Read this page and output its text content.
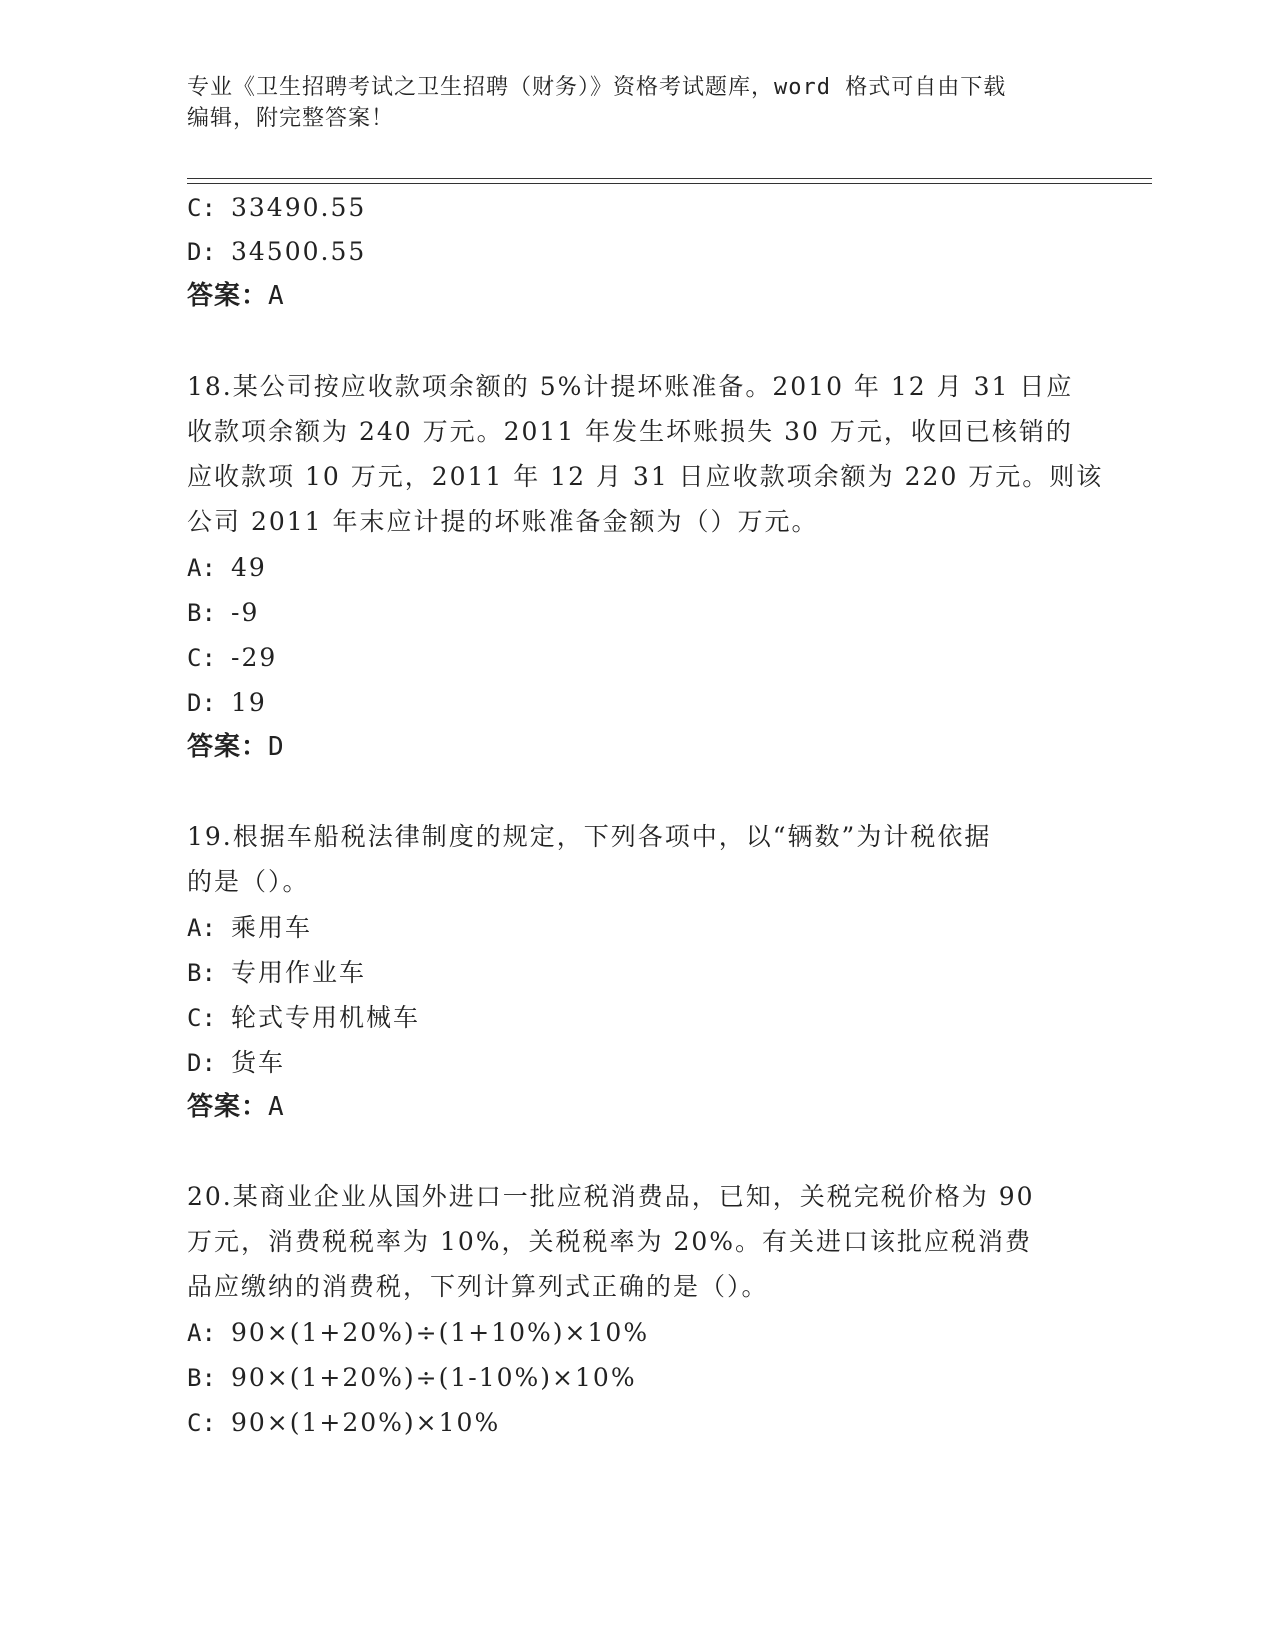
专业《卫生招聘考试之卫生招聘（财务）》资格考试题库，word 格式可自由下载
编辑，附完整答案！
C: 33490.55
D: 34500.55
答案：A
18.某公司按应收款项余额的 5%计提坏账准备。2010 年 12 月 31 日应
收款项余额为 240 万元。2011 年发生坏账损失 30 万元，收回已核销的
应收款项 10 万元，2011 年 12 月 31 日应收款项余额为 220 万元。则该
公司 2011 年末应计提的坏账准备金额为（）万元。
A: 49
B: -9
C: -29
D: 19
答案：D
19.根据车船税法律制度的规定，下列各项中，以“辆数”为计税依据
的是（）。
A: 乘用车
B: 专用作业车
C: 轮式专用机械车
D: 货车
答案：A
20.某商业企业从国外进口一批应税消费品，已知，关税完税价格为 90
万元，消费税税率为 10%，关税税率为 20%。有关进口该批应税消费
品应缴纳的消费税，下列计算列式正确的是（）。
A: 90×(1+20%)÷(1+10%)×10%
B: 90×(1+20%)÷(1-10%)×10%
C: 90×(1+20%)×10%
